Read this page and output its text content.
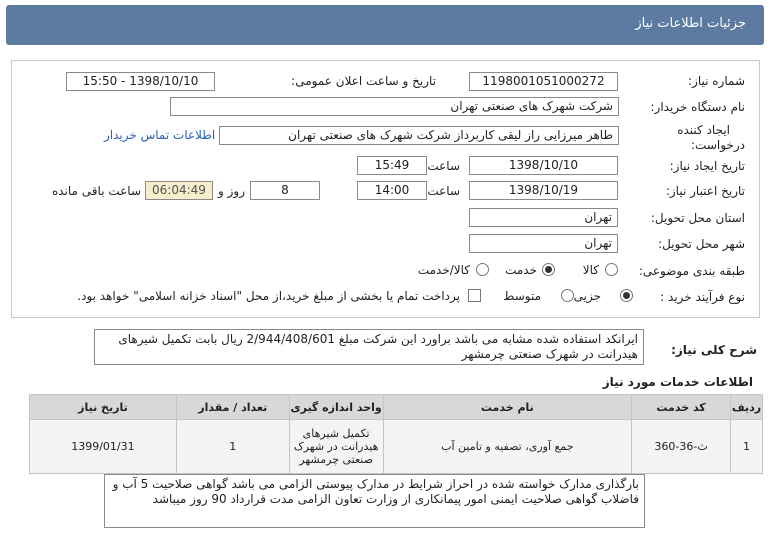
جزئیات اطلاعات نیاز
شماره نیاز:
1198001051000272
تاریخ و ساعت اعلان عمومی:
1398/10/10 - 15:50
نام دستگاه خریدار:
شرکت شهرک های صنعتی تهران
ایجاد کننده
درخواست:
طاهر میرزایی راز لیقی کاربرداز شرکت شهرک های صنعتی تهران
اطلاعات تماس خریدار
تاریخ ایجاد نیاز:
1398/10/10
ساعت
15:49
تاریخ اعتبار نیاز:
1398/10/19
ساعت
14:00
8
روز و
06:04:49
ساعت باقی مانده
استان محل تحویل:
تهران
شهر محل تحویل:
تهران
طبقه بندی موضوعی:
کالا
خدمت
کالا/خدمت
نوع فرآیند خرید :
جزیی
متوسط
پرداخت تمام یا بخشی از مبلغ خرید،از محل "اسناد خزانه اسلامی" خواهد بود.
شرح کلی نیاز:
ایرانکد استفاده شده مشابه می باشد براورد این شرکت مبلغ 2/944/408/601 ریال بابت تکمیل شیرهای هیدرانت در شهرک صنعتی چرمشهر
اطلاعات خدمات مورد نیاز
ردیف	کد خدمت	نام خدمت	واحد اندازه گیری	تعداد / مقدار	تاریخ نیاز
1	ث-36-360	جمع آوری، تصفیه و تامین آب	تکمیل شیرهای هیدرانت در شهرک صنعتی چرمشهر	1	1399/01/31
بارگذاری مدارک خواسته شده در احراز شرایط در مدارک پیوستی الزامی می باشد گواهی صلاحیت 5 آب و فاضلاب گواهی صلاحیت ایمنی امور پیمانکاری از وزارت تعاون الزامی مدت قرارداد 90 روز میباشد
